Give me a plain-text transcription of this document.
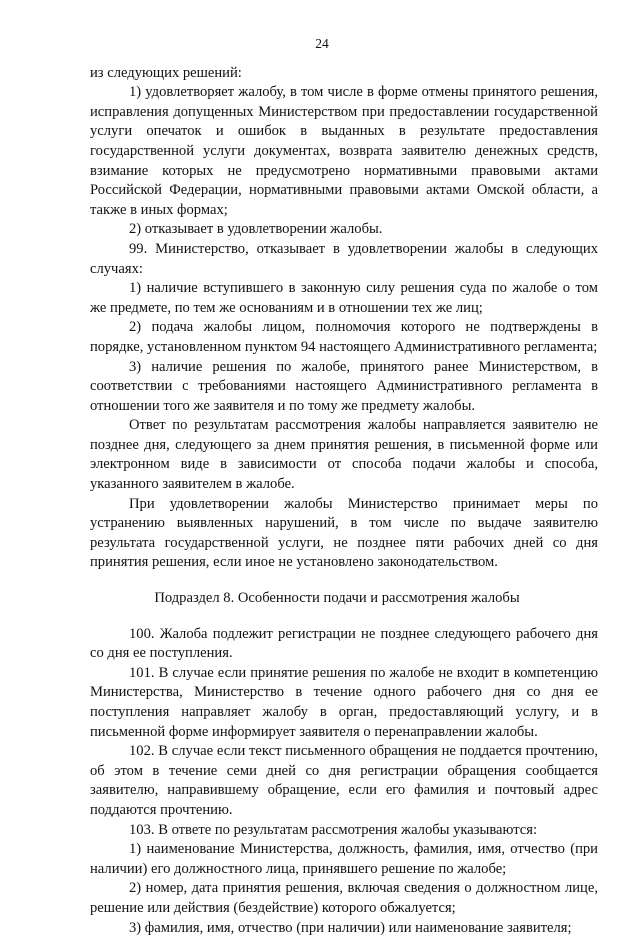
24

из следующих решений:

1) удовлетворяет жалобу, в том числе в форме отмены принятого решения, исправления допущенных Министерством при предоставлении государственной услуги опечаток и ошибок в выданных в результате предоставления государственной услуги документах, возврата заявителю денежных средств, взимание которых не предусмотрено нормативными правовыми актами Российской Федерации, нормативными правовыми актами Омской области, а также в иных формах;

2) отказывает в удовлетворении жалобы.

99. Министерство, отказывает в удовлетворении жалобы в следующих случаях:

1) наличие вступившего в законную силу решения суда по жалобе о том же предмете, по тем же основаниям и в отношении тех же лиц;

2) подача жалобы лицом, полномочия которого не подтверждены в порядке, установленном пунктом 94 настоящего Административного регламента;

3) наличие решения по жалобе, принятого ранее Министерством, в соответствии с требованиями настоящего Административного регламента в отношении того же заявителя и по тому же предмету жалобы.

Ответ по результатам рассмотрения жалобы направляется заявителю не позднее дня, следующего за днем принятия решения, в письменной форме или электронном виде в зависимости от способа подачи жалобы и способа, указанного заявителем в жалобе.

При удовлетворении жалобы Министерство принимает меры по устранению выявленных нарушений, в том числе по выдаче заявителю результата государственной услуги, не позднее пяти рабочих дней со дня принятия решения, если иное не установлено законодательством.

Подраздел 8. Особенности подачи и рассмотрения жалобы

100. Жалоба подлежит регистрации не позднее следующего рабочего дня со дня ее поступления.

101. В случае если принятие решения по жалобе не входит в компетенцию Министерства, Министерство в течение одного рабочего дня со дня ее поступления направляет жалобу в орган, предоставляющий услугу, и в письменной форме информирует заявителя о перенаправлении жалобы.

102. В случае если текст письменного обращения не поддается прочтению, об этом в течение семи дней со дня регистрации обращения сообщается заявителю, направившему обращение, если его фамилия и почтовый адрес поддаются прочтению.

103. В ответе по результатам рассмотрения жалобы указываются:

1) наименование Министерства, должность, фамилия, имя, отчество (при наличии) его должностного лица, принявшего решение по жалобе;

2) номер, дата принятия решения, включая сведения о должностном лице, решение или действия (бездействие) которого обжалуется;

3) фамилия, имя, отчество (при наличии) или наименование заявителя;
